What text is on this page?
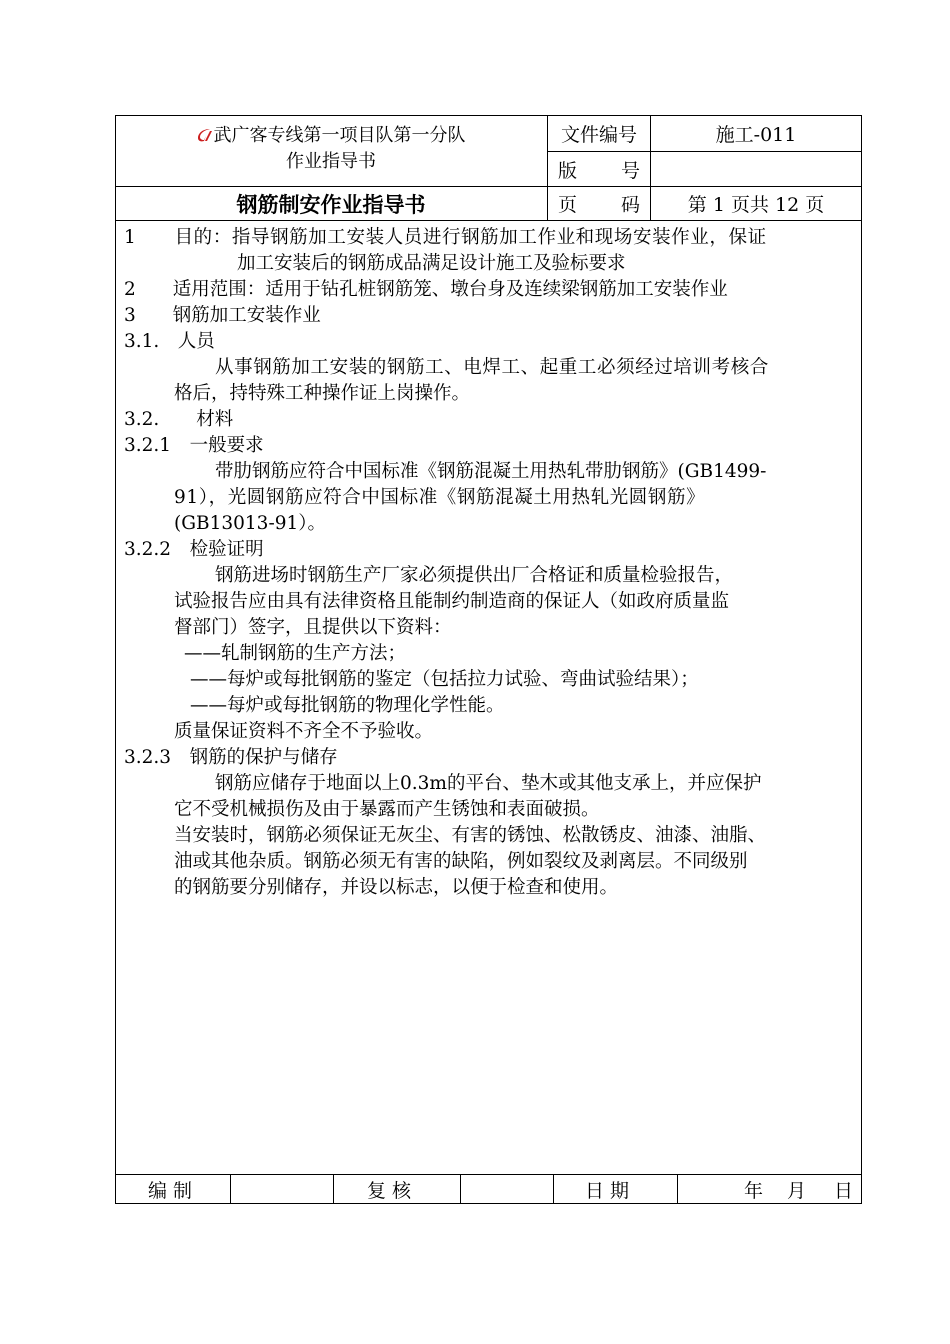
武广客专线第一项目队第一分队
作业指导书
钢筋制安作业指导书
文件编号	施工-011
版 号
页 码	第 1 页共 12 页
1　　目的：指导钢筋加工安装人员进行钢筋加工作业和现场安装作业，保证
加工安装后的钢筋成品满足设计施工及验标要求
2　　适用范围：适用于钻孔桩钢筋笼、墩台身及连续梁钢筋加工安装作业
3　　钢筋加工安装作业
3.1.　人员
从事钢筋加工安装的钢筋工、电焊工、起重工必须经过培训考核合
格后，持特殊工种操作证上岗操作。
3.2.　　材料
3.2.1　一般要求
带肋钢筋应符合中国标准《钢筋混凝土用热轧带肋钢筋》(GB1499-
91），光圆钢筋应符合中国标准《钢筋混凝土用热轧光圆钢筋》
(GB13013-91）。
3.2.2　检验证明
钢筋进场时钢筋生产厂家必须提供出厂合格证和质量检验报告，
试验报告应由具有法律资格且能制约制造商的保证人（如政府质量监
督部门）签字，且提供以下资料：
——轧制钢筋的生产方法；
——每炉或每批钢筋的鉴定（包括拉力试验、弯曲试验结果）；
——每炉或每批钢筋的物理化学性能。
质量保证资料不齐全不予验收。
3.2.3　钢筋的保护与储存
钢筋应储存于地面以上0.3m的平台、垫木或其他支承上，并应保护
它不受机械损伤及由于暴露而产生锈蚀和表面破损。
当安装时，钢筋必须保证无灰尘、有害的锈蚀、松散锈皮、油漆、油脂、
油或其他杂质。钢筋必须无有害的缺陷，例如裂纹及剥离层。不同级别
的钢筋要分别储存，并设以标志，以便于检查和使用。
编 制	复 核	日 期	年 月 日
